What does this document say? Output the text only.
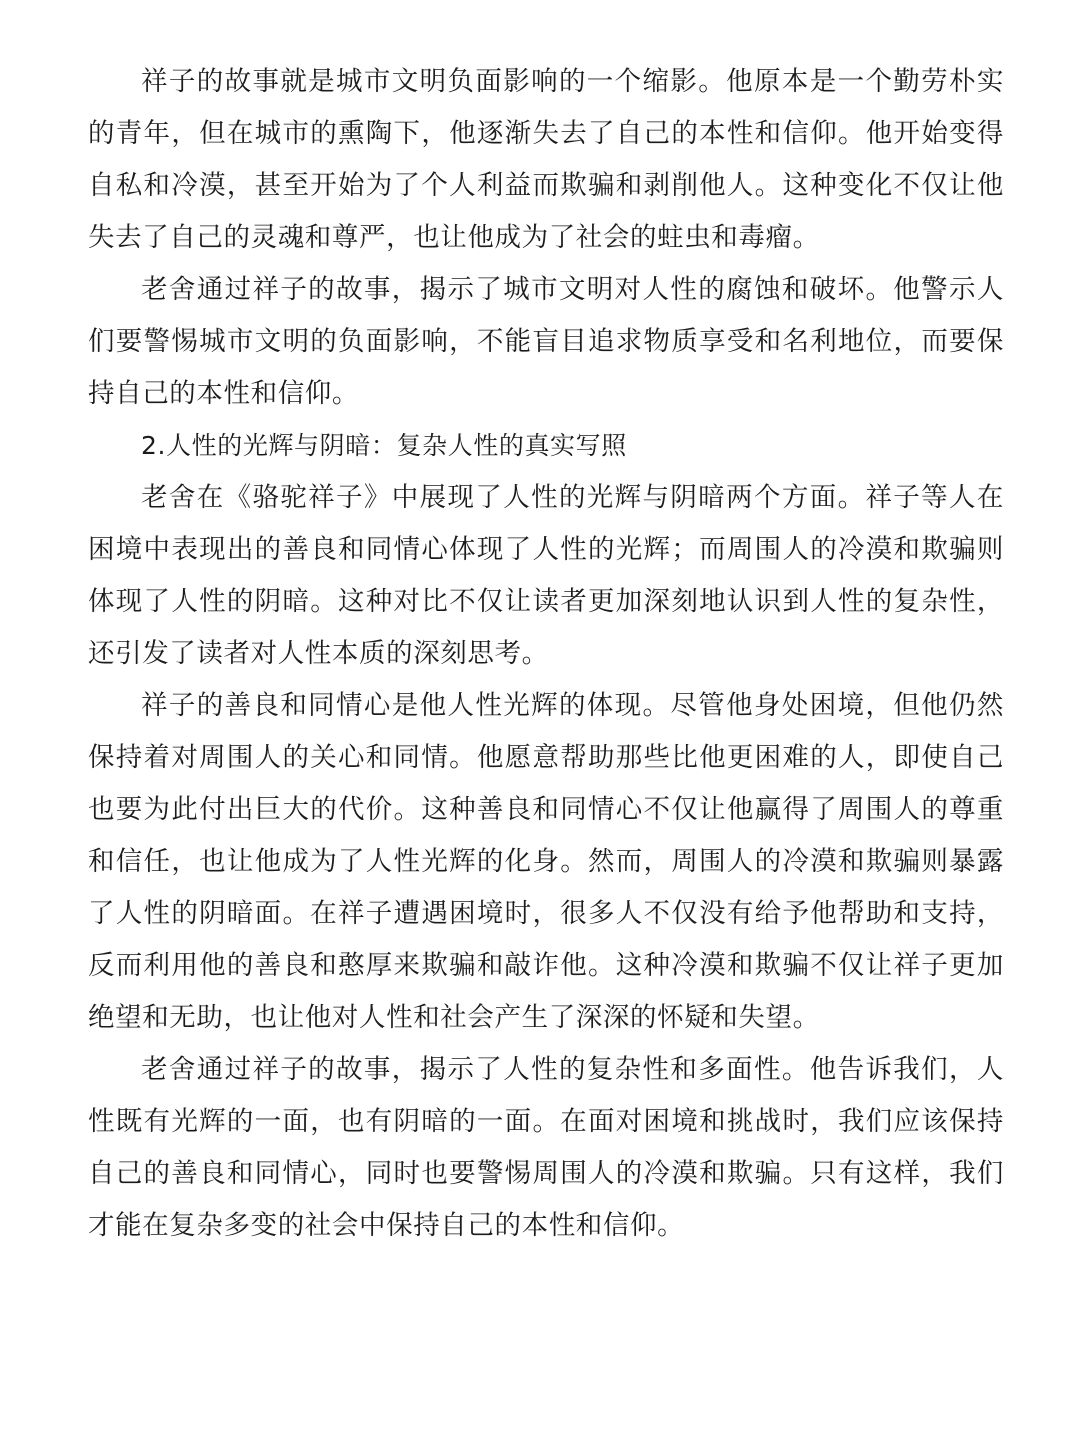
祥子的故事就是城市文明负面影响的一个缩影。他原本是一个勤劳朴实的青年，但在城市的熏陶下，他逐渐失去了自己的本性和信仰。他开始变得自私和冷漠，甚至开始为了个人利益而欺骗和剥削他人。这种变化不仅让他失去了自己的灵魂和尊严，也让他成为了社会的蛀虫和毒瘤。

老舍通过祥子的故事，揭示了城市文明对人性的腐蚀和破坏。他警示人们要警惕城市文明的负面影响，不能盲目追求物质享受和名利地位，而要保持自己的本性和信仰。

2.人性的光辉与阴暗：复杂人性的真实写照

老舍在《骆驼祥子》中展现了人性的光辉与阴暗两个方面。祥子等人在困境中表现出的善良和同情心体现了人性的光辉；而周围人的冷漠和欺骗则体现了人性的阴暗。这种对比不仅让读者更加深刻地认识到人性的复杂性，还引发了读者对人性本质的深刻思考。

祥子的善良和同情心是他人性光辉的体现。尽管他身处困境，但他仍然保持着对周围人的关心和同情。他愿意帮助那些比他更困难的人，即使自己也要为此付出巨大的代价。这种善良和同情心不仅让他赢得了周围人的尊重和信任，也让他成为了人性光辉的化身。然而，周围人的冷漠和欺骗则暴露了人性的阴暗面。在祥子遭遇困境时，很多人不仅没有给予他帮助和支持，反而利用他的善良和憨厚来欺骗和敲诈他。这种冷漠和欺骗不仅让祥子更加绝望和无助，也让他对人性和社会产生了深深的怀疑和失望。

老舍通过祥子的故事，揭示了人性的复杂性和多面性。他告诉我们，人性既有光辉的一面，也有阴暗的一面。在面对困境和挑战时，我们应该保持自己的善良和同情心，同时也要警惕周围人的冷漠和欺骗。只有这样，我们才能在复杂多变的社会中保持自己的本性和信仰。
